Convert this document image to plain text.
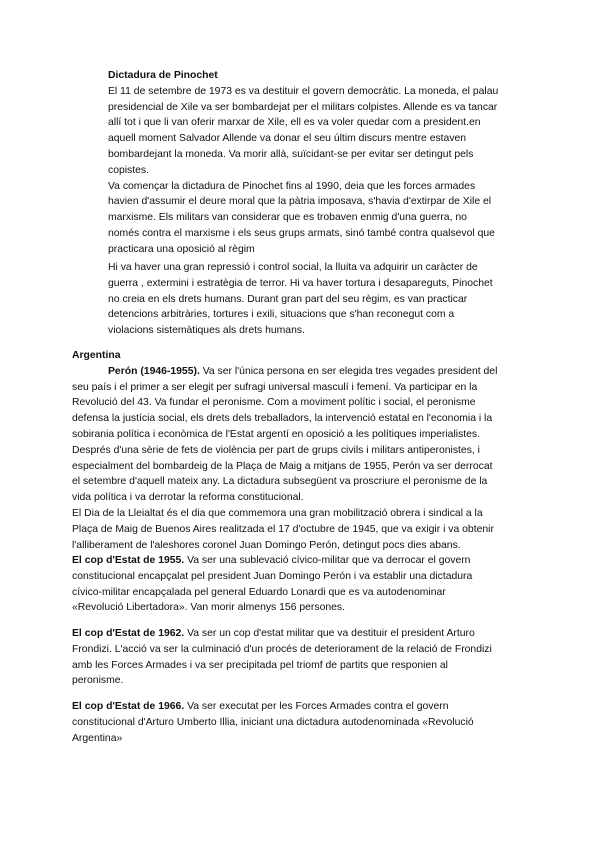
Dictadura de Pinochet
El 11 de setembre de 1973 es va destituir el govern democràtic. La moneda, el palau
presidencial de Xile va ser bombardejat per el militars colpistes. Allende es va tancar
allí tot i que li van oferir marxar de Xile, ell es va voler quedar com a president.en
aquell moment Salvador Allende va donar el seu últim discurs mentre estaven
bombardejant la moneda. Va morir allà, suïcidant-se per evitar ser detingut pels
copistes.
Va començar la dictadura de Pinochet fins al 1990, deia que les forces armades
havien d'assumir el deure moral que la pàtria imposava, s'havia d'extirpar de Xile el
marxisme. Els militars van considerar que es trobaven enmig d'una guerra, no
només contra el marxisme i els seus grups armats, sinó també contra qualsevol que
practicara una oposició al règim
Hi va haver una gran repressió i control social, la lluita va adquirir un caràcter de
guerra , extermini i estratègia de terror. Hi va haver tortura i desapareguts, Pinochet
no creia en els drets humans. Durant gran part del seu règim, es van practicar
detencions arbitràries, tortures i exili, situacions que s'han reconegut com a
violacions sistemàtiques als drets humans.
Argentina
Perón (1946-1955). Va ser l'única persona en ser elegida tres vegades president del
seu país i el primer a ser elegit per sufragi universal masculí i femení. Va participar en la
Revolució del 43. Va fundar el peronisme. Com a moviment polític i social, el peronisme
defensa la justícia social, els drets dels treballadors, la intervenció estatal en l'economia i la
sobirania política i econòmica de l'Estat argentí en oposició a les polítiques imperialistes.
Després d'una sèrie de fets de violència per part de grups civils i militars antiperonistes, i
especialment del bombardeig de la Plaça de Maig a mitjans de 1955, Perón va ser derrocat
el setembre d'aquell mateix any. La dictadura subsegüent va proscriure el peronisme de la
vida política i va derrotar la reforma constitucional.
El Dia de la Lleialtat és el dia que commemora una gran mobilització obrera i sindical a la
Plaça de Maig de Buenos Aires realitzada el 17 d'octubre de 1945, que va exigir i va obtenir
l'alliberament de l'aleshores coronel Juan Domingo Perón, detingut pocs dies abans.
El cop d'Estat de 1955. Va ser una sublevació cívico-militar que va derrocar el govern
constitucional encapçalat pel president Juan Domingo Perón i va establir una dictadura
cívico-militar encapçalada pel general Eduardo Lonardi que es va autodenominar
«Revolució Libertadora». Van morir almenys 156 persones.
El cop d'Estat de 1962. Va ser un cop d'estat militar que va destituir el president Arturo
Frondizi. L'acció va ser la culminació d'un procés de deteriorament de la relació de Frondizi
amb les Forces Armades i va ser precipitada pel triomf de partits que responien al
peronisme.
El cop d'Estat de 1966. Va ser executat per les Forces Armades contra el govern
constitucional d'Arturo Umberto Illia, iniciant una dictadura autodenominada «Revolució
Argentina»
